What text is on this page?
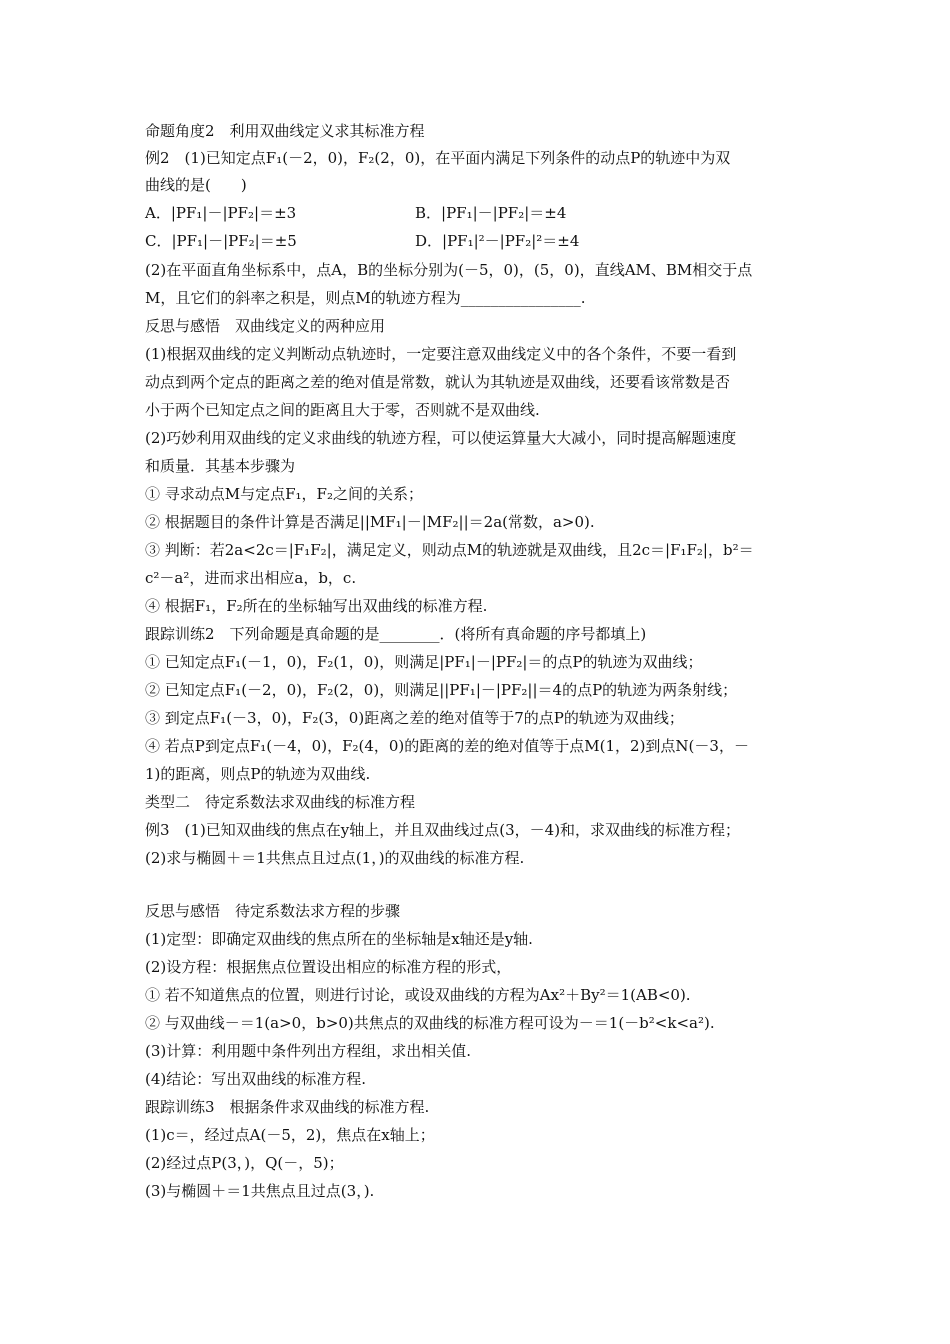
命题角度2　利用双曲线定义求其标准方程
例2　(1)已知定点F₁(－2，0)，F₂(2，0)，在平面内满足下列条件的动点P的轨迹中为双
曲线的是(　　)
A．|PF₁|－|PF₂|＝±3	B．|PF₁|－|PF₂|＝±4
C．|PF₁|－|PF₂|＝±5	D．|PF₁|²－|PF₂|²＝±4
(2)在平面直角坐标系中，点A，B的坐标分别为(－5，0)，(5，0)，直线AM、BM相交于点
M，且它们的斜率之积是，则点M的轨迹方程为________________.
反思与感悟　双曲线定义的两种应用
(1)根据双曲线的定义判断动点轨迹时，一定要注意双曲线定义中的各个条件，不要一看到
动点到两个定点的距离之差的绝对值是常数，就认为其轨迹是双曲线，还要看该常数是否
小于两个已知定点之间的距离且大于零，否则就不是双曲线.
(2)巧妙利用双曲线的定义求曲线的轨迹方程，可以使运算量大大减小，同时提高解题速度
和质量．其基本步骤为
① 寻求动点M与定点F₁，F₂之间的关系；
② 根据题目的条件计算是否满足||MF₁|－|MF₂||＝2a(常数，a>0).
③ 判断：若2a<2c＝|F₁F₂|，满足定义，则动点M的轨迹就是双曲线，且2c＝|F₁F₂|，b²＝
c²－a²，进而求出相应a，b，c.
④ 根据F₁，F₂所在的坐标轴写出双曲线的标准方程.
跟踪训练2　下列命题是真命题的是________．(将所有真命题的序号都填上)
① 已知定点F₁(－1，0)，F₂(1，0)，则满足|PF₁|－|PF₂|＝的点P的轨迹为双曲线；
② 已知定点F₁(－2，0)，F₂(2，0)，则满足||PF₁|－|PF₂||＝4的点P的轨迹为两条射线；
③ 到定点F₁(－3，0)，F₂(3，0)距离之差的绝对值等于7的点P的轨迹为双曲线；
④ 若点P到定点F₁(－4，0)，F₂(4，0)的距离的差的绝对值等于点M(1，2)到点N(－3，－
1)的距离，则点P的轨迹为双曲线.
类型二　待定系数法求双曲线的标准方程
例3　(1)已知双曲线的焦点在y轴上，并且双曲线过点(3，－4)和，求双曲线的标准方程；
(2)求与椭圆＋＝1共焦点且过点(1，)的双曲线的标准方程.
反思与感悟　待定系数法求方程的步骤
(1)定型：即确定双曲线的焦点所在的坐标轴是x轴还是y轴.
(2)设方程：根据焦点位置设出相应的标准方程的形式，
① 若不知道焦点的位置，则进行讨论，或设双曲线的方程为Ax²＋By²＝1(AB<0).
② 与双曲线－＝1(a>0，b>0)共焦点的双曲线的标准方程可设为－＝1(－b²<k<a²).
(3)计算：利用题中条件列出方程组，求出相关值.
(4)结论：写出双曲线的标准方程.
跟踪训练3　根据条件求双曲线的标准方程.
(1)c＝，经过点A(－5，2)，焦点在x轴上；
(2)经过点P(3，)，Q(－，5)；
(3)与椭圆＋＝1共焦点且过点(3，).
